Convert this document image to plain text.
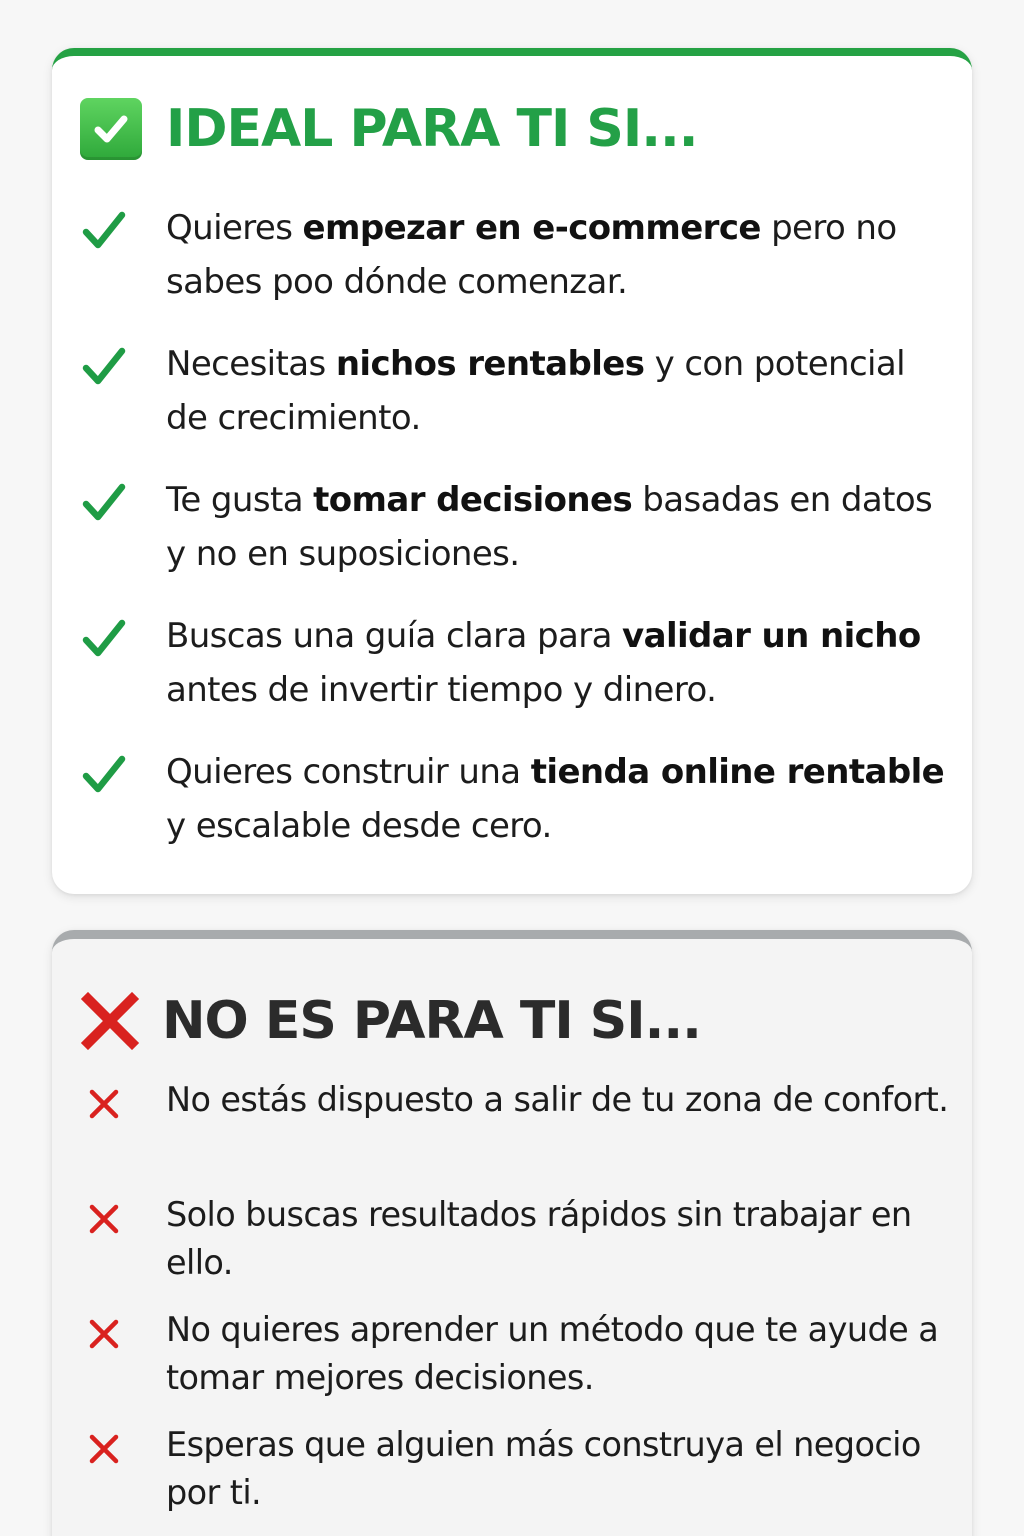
IDEAL PARA TI SI...
Quieres empezar en e-commerce pero no sabes poo dónde comenzar.
Necesitas nichos rentables y con potencial de crecimiento.
Te gusta tomar decisiones basadas en datos y no en suposiciones.
Buscas una guía clara para validar un nicho antes de invertir tiempo y dinero.
Quieres construir una tienda online rentable y escalable desde cero.
NO ES PARA TI SI...
No estás dispuesto a salir de tu zona de confort.
Solo buscas resultados rápidos sin trabajar en ello.
No quieres aprender un método que te ayude a tomar mejores decisiones.
Esperas que alguien más construya el negocio por ti.
